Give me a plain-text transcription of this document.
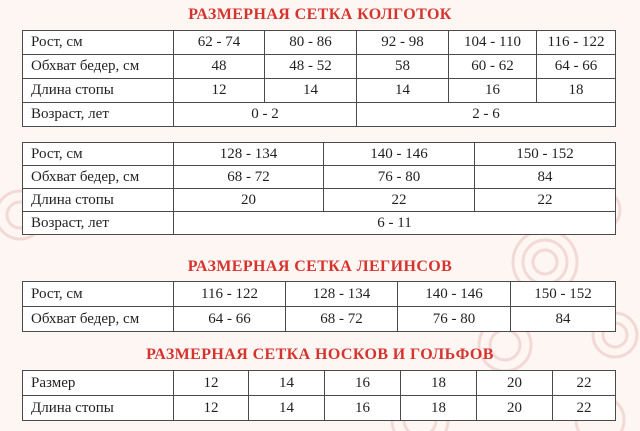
РАЗМЕРНАЯ СЕТКА КОЛГОТОК
Рост, см	62 - 74	80 - 86	92 - 98	104 - 110	116 - 122
Обхват бедер, см	48	48 - 52	58	60 - 62	64 - 66
Длина стопы	12	14	14	16	18
Возраст, лет	0 - 2		2 - 6		
Рост, см	128 - 134	140 - 146	150 - 152
Обхват бедер, см	68 - 72	76 - 80	84
Длина стопы	20	22	22
Возраст, лет	6 - 11		
РАЗМЕРНАЯ СЕТКА ЛЕГИНСОВ
Рост, см	116 - 122	128 - 134	140 - 146	150 - 152
Обхват бедер, см	64 - 66	68 - 72	76 - 80	84
РАЗМЕРНАЯ СЕТКА НОСКОВ И ГОЛЬФОВ
Размер	12	14	16	18	20	22
Длина стопы	12	14	16	18	20	22
